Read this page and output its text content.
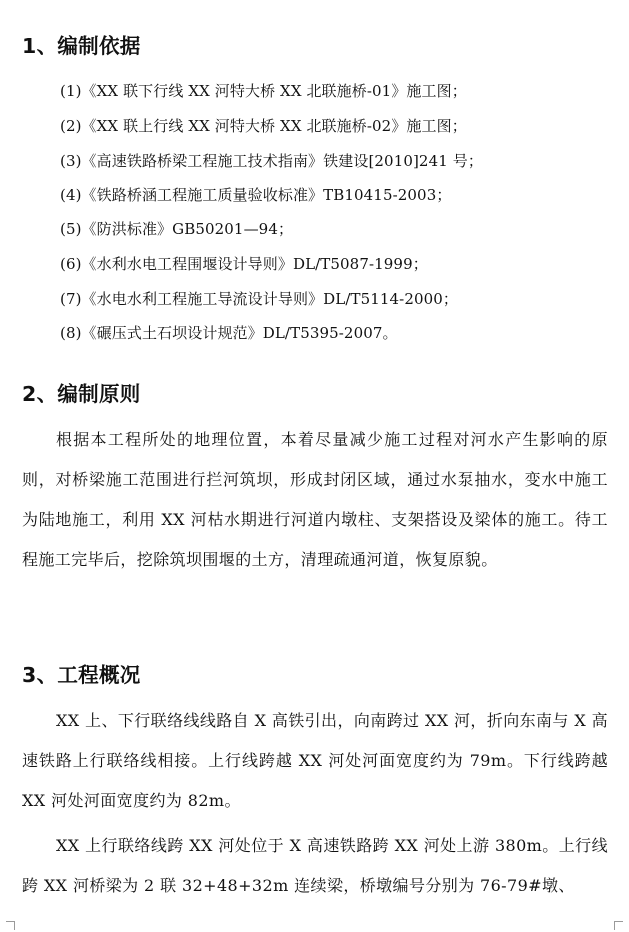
1、编制依据

(1)《XX 联下行线 XX 河特大桥 XX 北联施桥-01》施工图；

(2)《XX 联上行线 XX 河特大桥 XX 北联施桥-02》施工图；

(3)《高速铁路桥梁工程施工技术指南》铁建设[2010]241 号；

(4)《铁路桥涵工程施工质量验收标准》TB10415-2003；

(5)《防洪标准》GB50201—94；

(6)《水利水电工程围堰设计导则》DL/T5087-1999；

(7)《水电水利工程施工导流设计导则》DL/T5114-2000；

(8)《碾压式土石坝设计规范》DL/T5395-2007。

2、编制原则

根据本工程所处的地理位置，本着尽量减少施工过程对河水产生影响的原则，对桥梁施工范围进行拦河筑坝，形成封闭区域，通过水泵抽水，变水中施工为陆地施工，利用 XX 河枯水期进行河道内墩柱、支架搭设及梁体的施工。待工程施工完毕后，挖除筑坝围堰的土方，清理疏通河道，恢复原貌。

3、工程概况

XX 上、下行联络线线路自 X 高铁引出，向南跨过 XX 河，折向东南与 X 高速铁路上行联络线相接。上行线跨越 XX 河处河面宽度约为 79m。下行线跨越 XX 河处河面宽度约为 82m。

XX 上行联络线跨 XX 河处位于 X 高速铁路跨 XX 河处上游 380m。上行线跨 XX 河桥梁为 2 联 32+48+32m 连续梁，桥墩编号分别为 76-79#墩、
